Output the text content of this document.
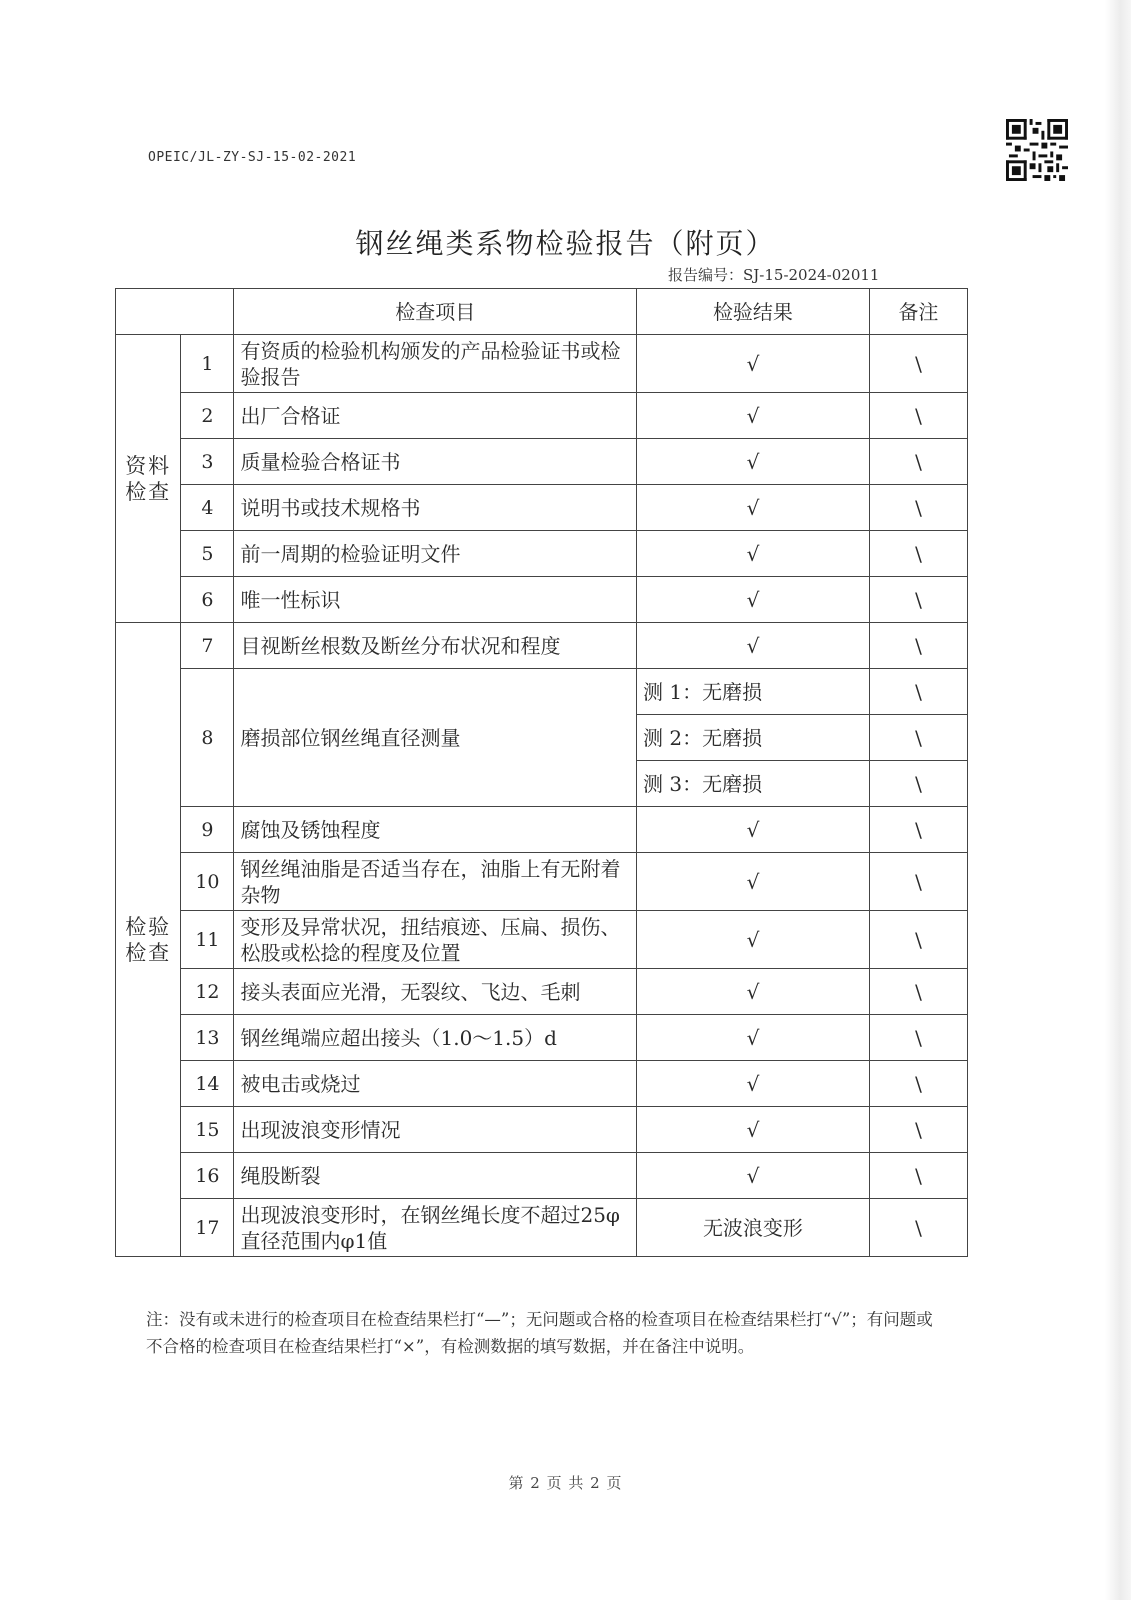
OPEIC/JL-ZY-SJ-15-02-2021
钢丝绳类系物检验报告（附页）
报告编号：SJ-15-2024-02011
		检查项目	检验结果	备注
资料检查	1	有资质的检验机构颁发的产品检验证书或检验报告	√	\
	2	出厂合格证	√	\
	3	质量检验合格证书	√	\
	4	说明书或技术规格书	√	\
	5	前一周期的检验证明文件	√	\
	6	唯一性标识	√	\
检验检查	7	目视断丝根数及断丝分布状况和程度	√	\
	8	磨损部位钢丝绳直径测量	测 1：无磨损	\
			测 2：无磨损	\
			测 3：无磨损	\
	9	腐蚀及锈蚀程度	√	\
	10	钢丝绳油脂是否适当存在，油脂上有无附着杂物	√	\
	11	变形及异常状况，扭结痕迹、压扁、损伤、松股或松捻的程度及位置	√	\
	12	接头表面应光滑，无裂纹、飞边、毛刺	√	\
	13	钢丝绳端应超出接头（1.0～1.5）d	√	\
	14	被电击或烧过	√	\
	15	出现波浪变形情况	√	\
	16	绳股断裂	√	\
	17	出现波浪变形时，在钢丝绳长度不超过25φ直径范围内φ1值	无波浪变形	\
注：没有或未进行的检查项目在检查结果栏打“—”；无问题或合格的检查项目在检查结果栏打“√”；有问题或不合格的检查项目在检查结果栏打“×”，有检测数据的填写数据，并在备注中说明。
第 2 页 共 2 页
